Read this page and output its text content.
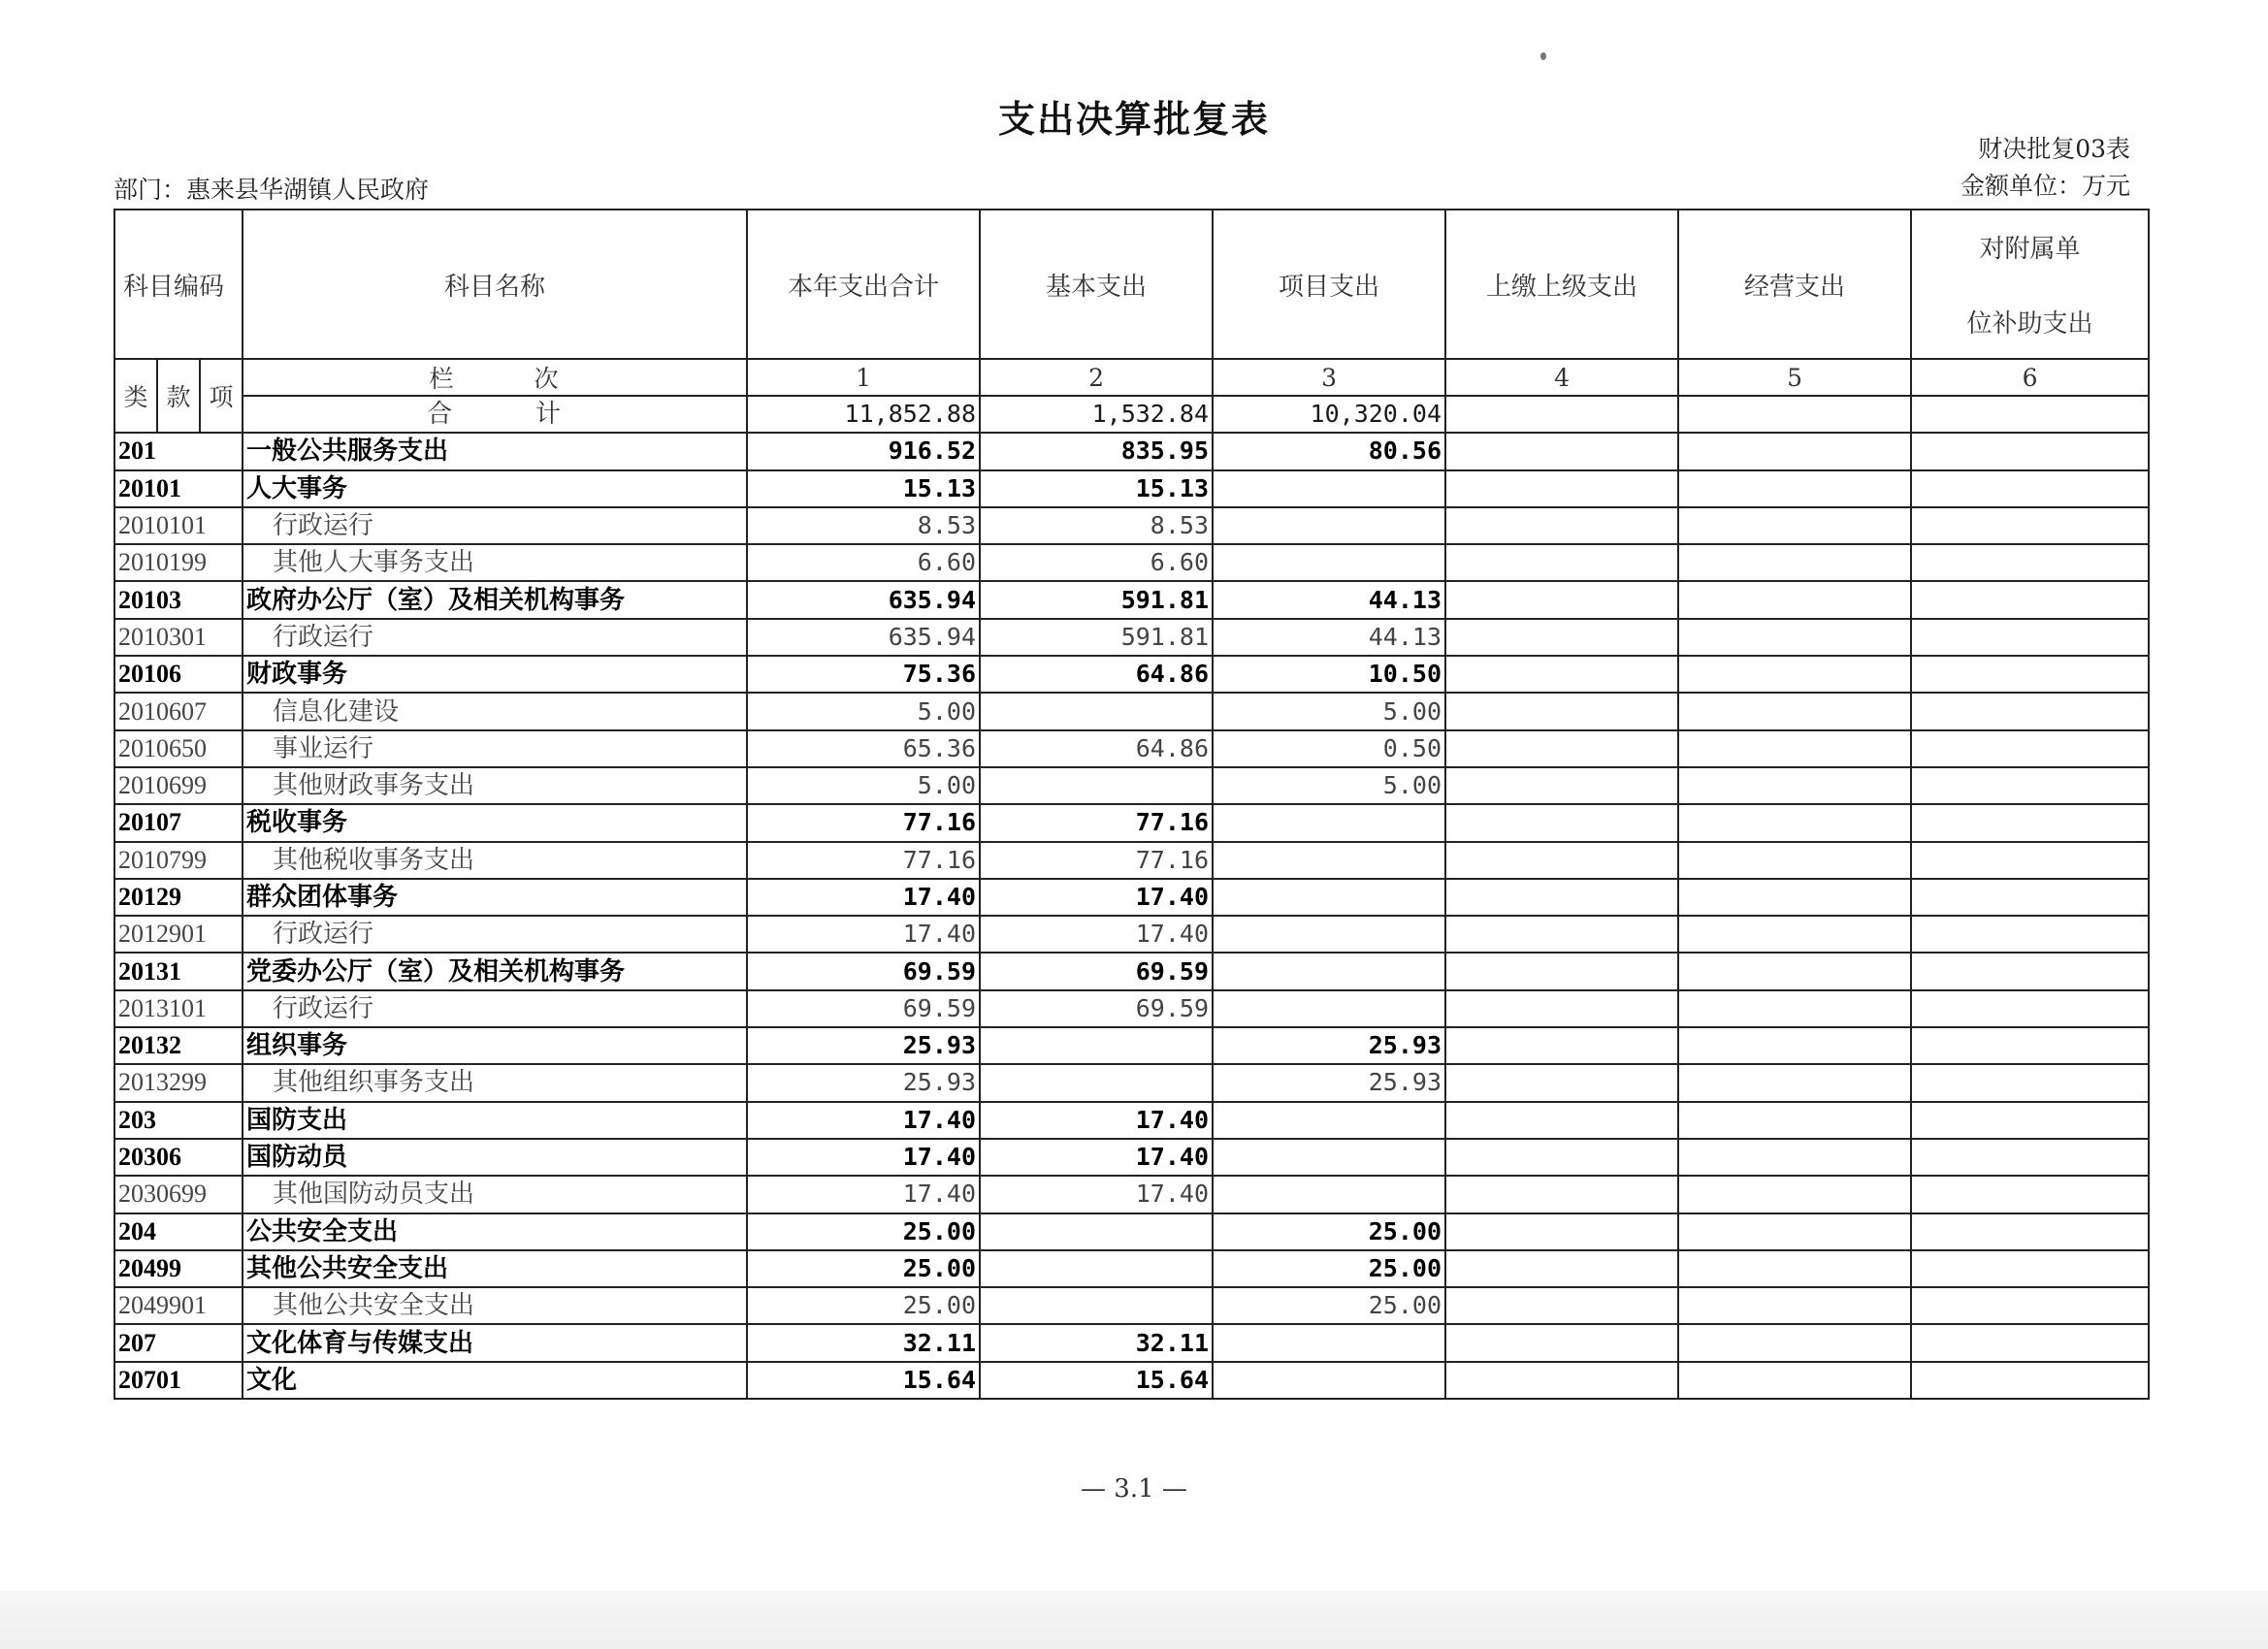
支出决算批复表
财决批复03表
金额单位：万元
部门：惠来县华湖镇人民政府
科目编码			科目名称	本年支出合计	基本支出	项目支出	上缴上级支出	经营支出	对附属单
位补助支出

类	款	项	栏　　　次	1	2	3	4	5	6
			合　　　计	11,852.88	1,532.84	10,320.04			
201			一般公共服务支出	916.52	835.95	80.56			
20101			人大事务	15.13	15.13				
2010101			行政运行	8.53	8.53				
2010199			其他人大事务支出	6.60	6.60				
20103			政府办公厅（室）及相关机构事务	635.94	591.81	44.13			
2010301			行政运行	635.94	591.81	44.13			
20106			财政事务	75.36	64.86	10.50			
2010607			信息化建设	5.00		5.00			
2010650			事业运行	65.36	64.86	0.50			
2010699			其他财政事务支出	5.00		5.00			
20107			税收事务	77.16	77.16				
2010799			其他税收事务支出	77.16	77.16				
20129			群众团体事务	17.40	17.40				
2012901			行政运行	17.40	17.40				
20131			党委办公厅（室）及相关机构事务	69.59	69.59				
2013101			行政运行	69.59	69.59				
20132			组织事务	25.93		25.93			
2013299			其他组织事务支出	25.93		25.93			
203			国防支出	17.40	17.40				
20306			国防动员	17.40	17.40				
2030699			其他国防动员支出	17.40	17.40				
204			公共安全支出	25.00		25.00			
20499			其他公共安全支出	25.00		25.00			
2049901			其他公共安全支出	25.00		25.00			
207			文化体育与传媒支出	32.11	32.11				
20701			文化	15.64	15.64				
— 3.1 —
